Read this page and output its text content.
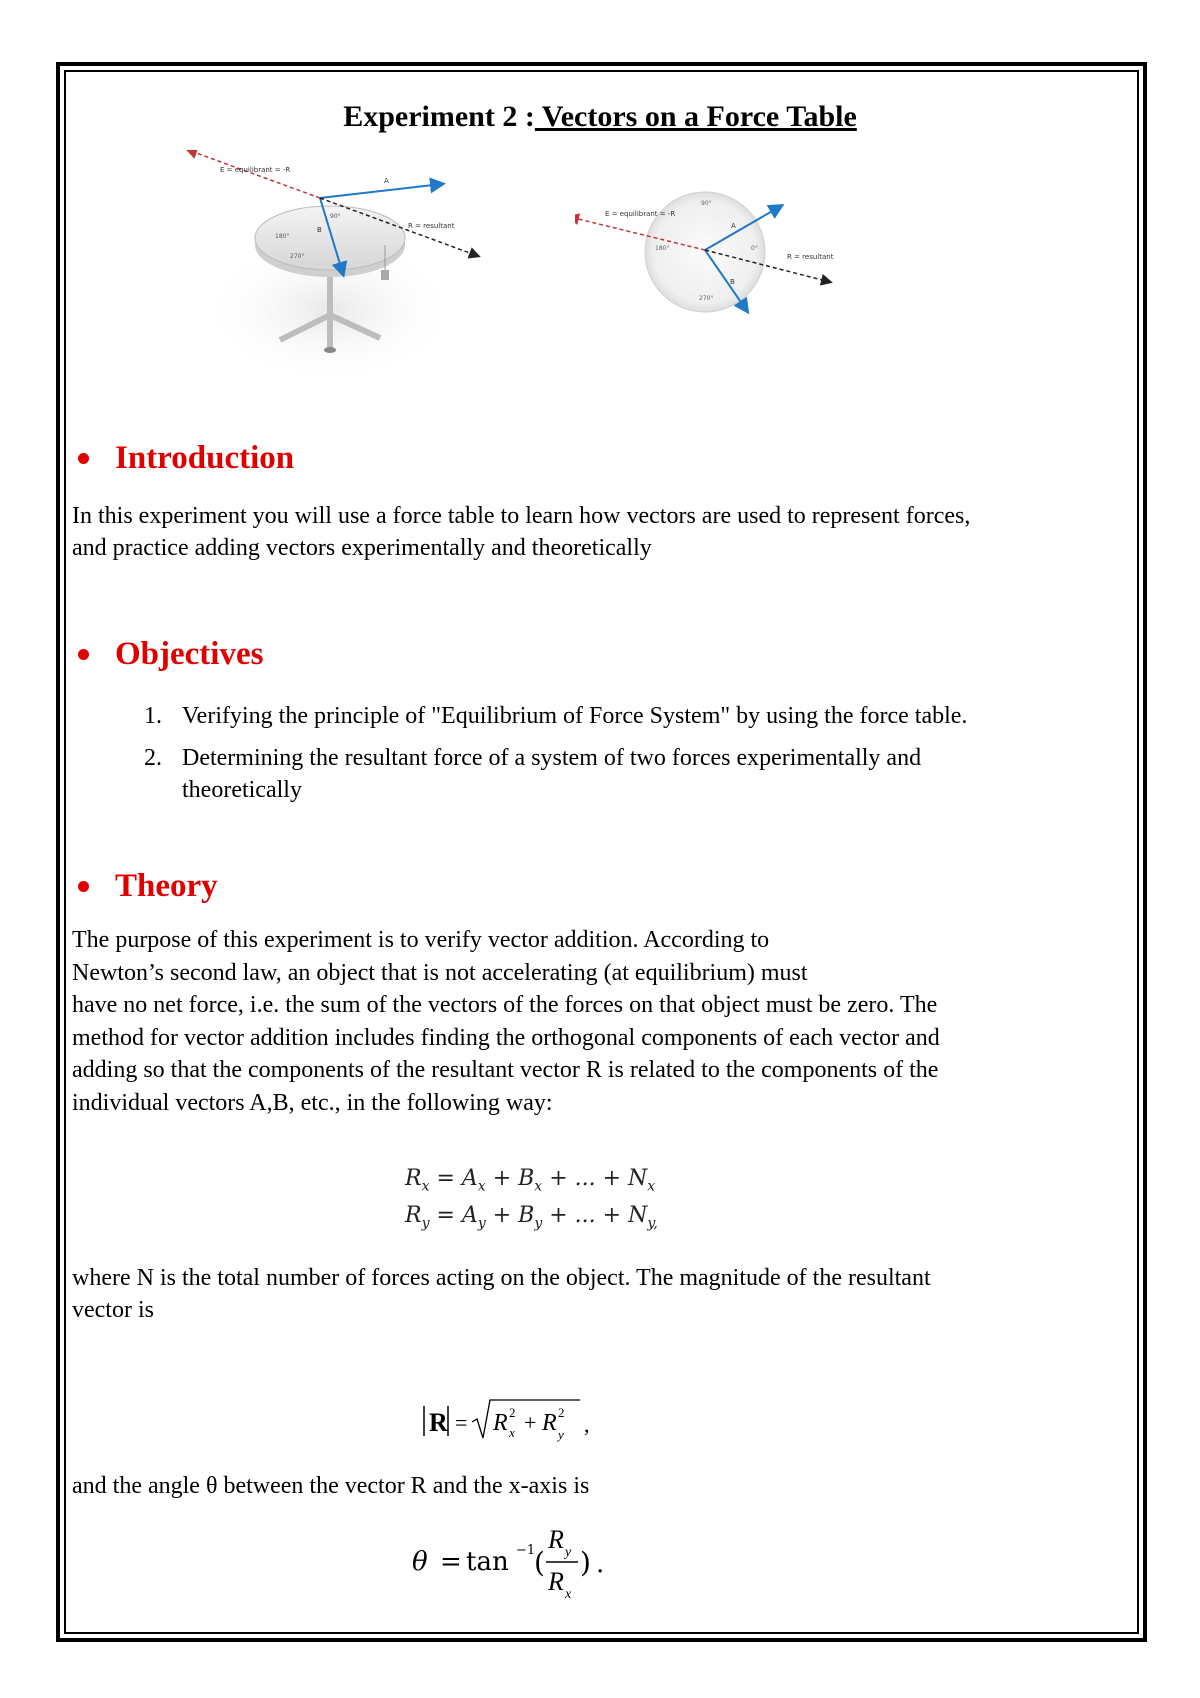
Experiment 2 : Vectors on a Force Table
90°
180°
270°
E = equilibrant = -R
A
R = resultant
B
90°
0°
180°
270°
E = equilibrant = -R
A
R = resultant
B
Introduction
In this experiment you will use a force table to learn how vectors are used to represent forces,
and practice adding vectors experimentally and theoretically
Objectives
1. Verifying the principle of "Equilibrium of Force System" by using the force table.
2. Determining the resultant force of a system of two forces experimentally and
theoretically
Theory
The purpose of this experiment is to verify vector addition. According to
Newton’s second law, an object that is not accelerating (at equilibrium) must
have no net force, i.e. the sum of the vectors of the forces on that object must be zero. The
method for vector addition includes finding the orthogonal components of each vector and
adding so that the components of the resultant vector R is related to the components of the
individual vectors A,B, etc., in the following way:
$R_x = A_x + B_x$ + ... + $N_x$
$R_y = A_y + B_y$ + ... + $N_{y,}$
where N is the total number of forces acting on the object. The magnitude of the resultant
vector is
R = R 2
x + R 2
y ,
and the angle θ between the vector R and the x-axis is
θ = tan −1
(
R y
R x
) .
